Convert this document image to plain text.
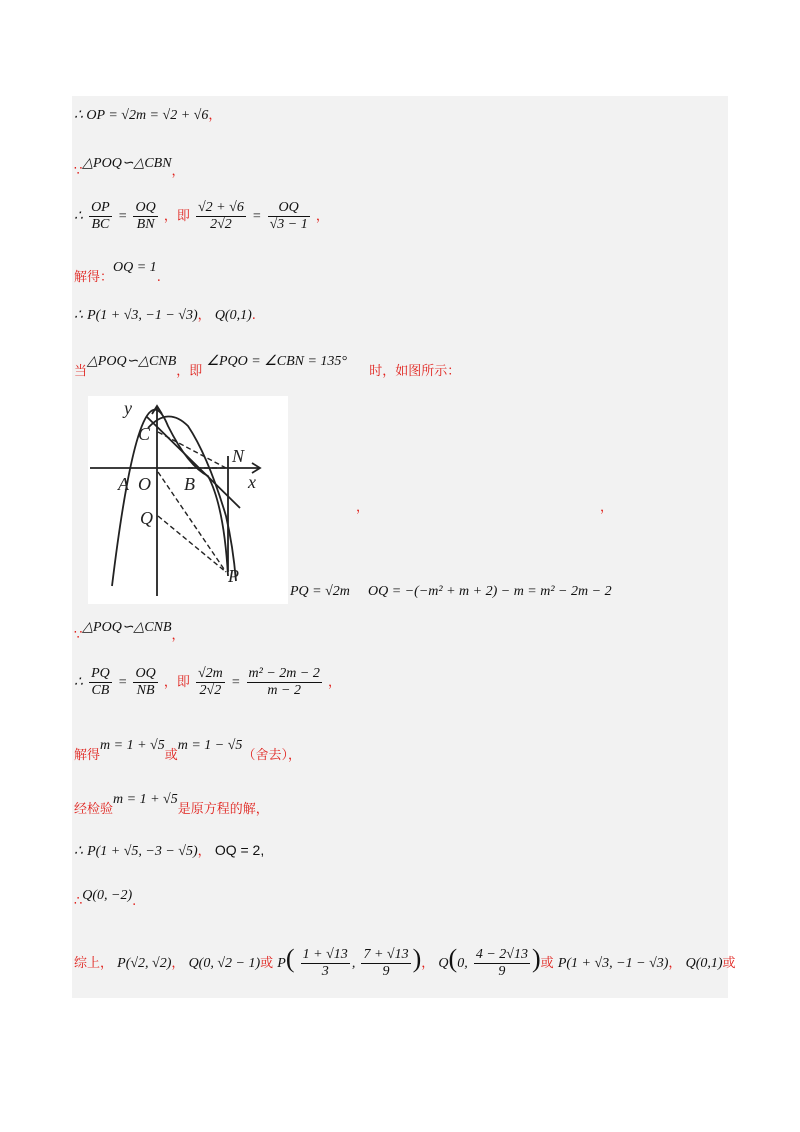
∴ OP = √2m = √2 + √6，
∵△POQ∽△CBN，
∴ $\frac{OP}{BC} = \frac{OQ}{BN}$ ，即 $\frac{√2 + √6}{2√2} = \frac{OQ}{√3 - 1}$ ，
解得：OQ = 1.
∴ P(1 + √3, −1 − √3)， Q(0,1).
当△POQ∽△CNB，即 ∠PQO = ∠CBN = 135° 时，如图所示：
y
C
N
A O B	x
Q
P
，	，
PQ = √2m OQ = −(−m² + m + 2) − m = m² − 2m − 2
∵△POQ∽△CNB，
∴ $\frac{PQ}{CB} = \frac{OQ}{NB}$ ，即 $\frac{√2m}{2√2} = \frac{\text{m² − 2m − 2}}{m - 2}$ ，
解得m = 1 + √5或m = 1 − √5（舍去），
经检验m = 1 + √5是原方程的解，
∴ P(1 + √5, −3 − √5)， OQ = 2,
∴Q(0, −2).
综上， P(√2, √2)， Q(0, √2 − 1)或 $P( \frac{1 + √13}{3}$ , $\frac{7 + √13}{9}$ )， Q(0, $\frac{4 - 2√13}{9}$ )或 P(1 + √3, −1 − √3)， Q(0,1)或
